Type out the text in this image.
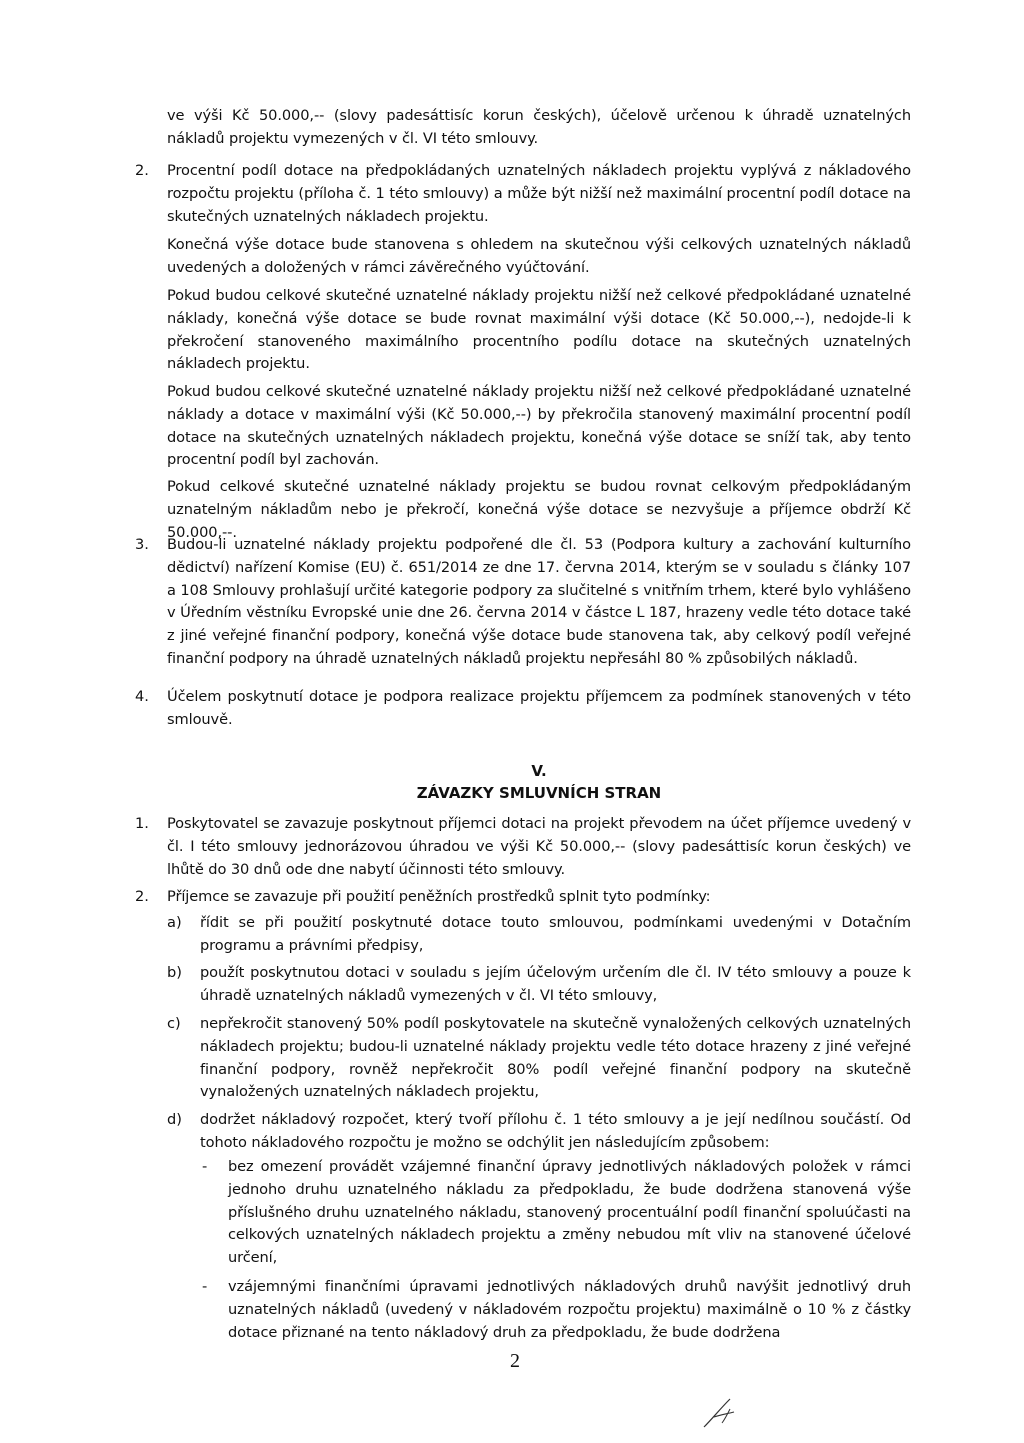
ve výši Kč 50.000,-- (slovy padesáttisíc korun českých), účelově určenou k úhradě uznatelných nákladů projektu vymezených v čl. VI této smlouvy.
2. Procentní podíl dotace na předpokládaných uznatelných nákladech projektu vyplývá z nákladového rozpočtu projektu (příloha č. 1 této smlouvy) a může být nižší než maximální procentní podíl dotace na skutečných uznatelných nákladech projektu.
Konečná výše dotace bude stanovena s ohledem na skutečnou výši celkových uznatelných nákladů uvedených a doložených v rámci závěrečného vyúčtování.
Pokud budou celkové skutečné uznatelné náklady projektu nižší než celkové předpokládané uznatelné náklady, konečná výše dotace se bude rovnat maximální výši dotace (Kč 50.000,--), nedojde-li k překročení stanoveného maximálního procentního podílu dotace na skutečných uznatelných nákladech projektu.
Pokud budou celkové skutečné uznatelné náklady projektu nižší než celkové předpokládané uznatelné náklady a dotace v maximální výši (Kč 50.000,--) by překročila stanovený maximální procentní podíl dotace na skutečných uznatelných nákladech projektu, konečná výše dotace se sníží tak, aby tento procentní podíl byl zachován.
Pokud celkové skutečné uznatelné náklady projektu se budou rovnat celkovým předpokládaným uznatelným nákladům nebo je překročí, konečná výše dotace se nezvyšuje a příjemce obdrží Kč 50.000,--.
3. Budou-li uznatelné náklady projektu podpořené dle čl. 53 (Podpora kultury a zachování kulturního dědictví) nařízení Komise (EU) č. 651/2014 ze dne 17. června 2014, kterým se v souladu s články 107 a 108 Smlouvy prohlašují určité kategorie podpory za slučitelné s vnitřním trhem, které bylo vyhlášeno v Úředním věstníku Evropské unie dne 26. června 2014 v částce L 187, hrazeny vedle této dotace také z jiné veřejné finanční podpory, konečná výše dotace bude stanovena tak, aby celkový podíl veřejné finanční podpory na úhradě uznatelných nákladů projektu nepřesáhl 80 % způsobilých nákladů.
4. Účelem poskytnutí dotace je podpora realizace projektu příjemcem za podmínek stanovených v této smlouvě.
V.
ZÁVAZKY SMLUVNÍCH STRAN
1. Poskytovatel se zavazuje poskytnout příjemci dotaci na projekt převodem na účet příjemce uvedený v čl. I této smlouvy jednorázovou úhradou ve výši Kč 50.000,-- (slovy padesáttisíc korun českých) ve lhůtě do 30 dnů ode dne nabytí účinnosti této smlouvy.
2. Příjemce se zavazuje při použití peněžních prostředků splnit tyto podmínky:
a) řídit se při použití poskytnuté dotace touto smlouvou, podmínkami uvedenými v Dotačním programu a právními předpisy,
b) použít poskytnutou dotaci v souladu s jejím účelovým určením dle čl. IV této smlouvy a pouze k úhradě uznatelných nákladů vymezených v čl. VI této smlouvy,
c) nepřekročit stanovený 50% podíl poskytovatele na skutečně vynaložených celkových uznatelných nákladech projektu; budou-li uznatelné náklady projektu vedle této dotace hrazeny z jiné veřejné finanční podpory, rovněž nepřekročit 80% podíl veřejné finanční podpory na skutečně vynaložených uznatelných nákladech projektu,
d) dodržet nákladový rozpočet, který tvoří přílohu č. 1 této smlouvy a je její nedílnou součástí. Od tohoto nákladového rozpočtu je možno se odchýlit jen následujícím způsobem:
- bez omezení provádět vzájemné finanční úpravy jednotlivých nákladových položek v rámci jednoho druhu uznatelného nákladu za předpokladu, že bude dodržena stanovená výše příslušného druhu uznatelného nákladu, stanovený procentuální podíl finanční spoluúčasti na celkových uznatelných nákladech projektu a změny nebudou mít vliv na stanovené účelové určení,
- vzájemnými finančními úpravami jednotlivých nákladových druhů navýšit jednotlivý druh uznatelných nákladů (uvedený v nákladovém rozpočtu projektu) maximálně o 10 % z částky dotace přiznané na tento nákladový druh za předpokladu, že bude dodržena
2
